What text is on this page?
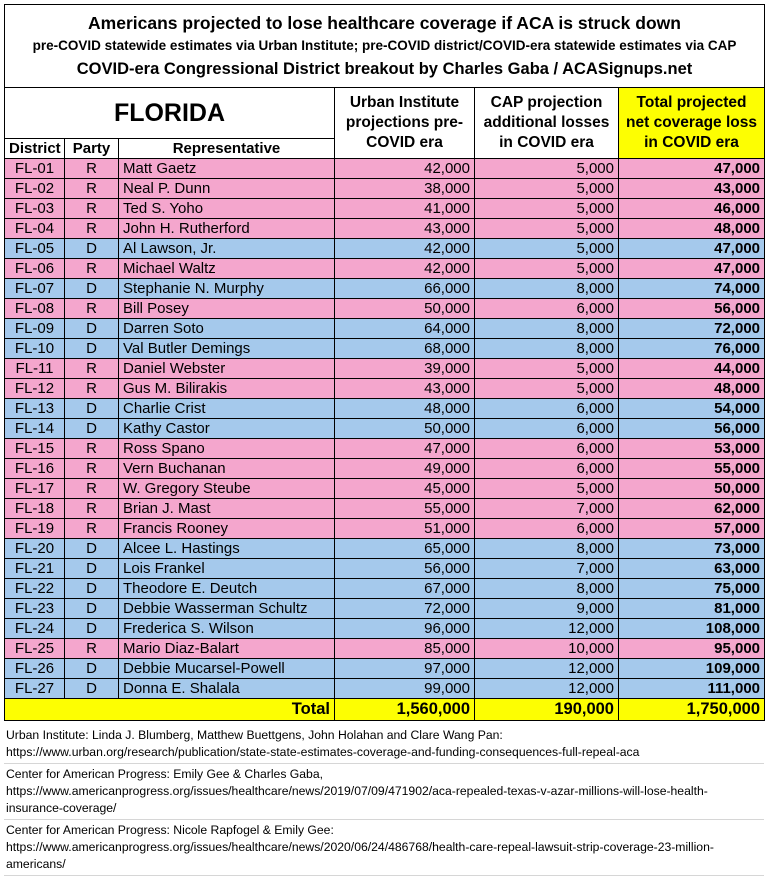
Americans projected to lose healthcare coverage if ACA is struck down
pre-COVID statewide estimates via Urban Institute; pre-COVID district/COVID-era statewide estimates via CAP
COVID-era Congressional District breakout by Charles Gaba / ACASignups.net					

FLORIDA			Urban Institute projections pre-COVID era	CAP projection additional losses in COVID era	Total projected net coverage loss in COVID era
District	Party	Representative			
FL-01	R	Matt Gaetz	42,000	5,000	47,000
FL-02	R	Neal P. Dunn	38,000	5,000	43,000
FL-03	R	Ted S. Yoho	41,000	5,000	46,000
FL-04	R	John H. Rutherford	43,000	5,000	48,000
FL-05	D	Al Lawson, Jr.	42,000	5,000	47,000
FL-06	R	Michael Waltz	42,000	5,000	47,000
FL-07	D	Stephanie N. Murphy	66,000	8,000	74,000
FL-08	R	Bill Posey	50,000	6,000	56,000
FL-09	D	Darren Soto	64,000	8,000	72,000
FL-10	D	Val Butler Demings	68,000	8,000	76,000
FL-11	R	Daniel Webster	39,000	5,000	44,000
FL-12	R	Gus M. Bilirakis	43,000	5,000	48,000
FL-13	D	Charlie Crist	48,000	6,000	54,000
FL-14	D	Kathy Castor	50,000	6,000	56,000
FL-15	R	Ross Spano	47,000	6,000	53,000
FL-16	R	Vern Buchanan	49,000	6,000	55,000
FL-17	R	W. Gregory Steube	45,000	5,000	50,000
FL-18	R	Brian J. Mast	55,000	7,000	62,000
FL-19	R	Francis Rooney	51,000	6,000	57,000
FL-20	D	Alcee L. Hastings	65,000	8,000	73,000
FL-21	D	Lois Frankel	56,000	7,000	63,000
FL-22	D	Theodore E. Deutch	67,000	8,000	75,000
FL-23	D	Debbie Wasserman Schultz	72,000	9,000	81,000
FL-24	D	Frederica S. Wilson	96,000	12,000	108,000
FL-25	R	Mario Diaz-Balart	85,000	10,000	95,000
FL-26	D	Debbie Mucarsel-Powell	97,000	12,000	109,000
FL-27	D	Donna E. Shalala	99,000	12,000	111,000
		Total	1,560,000	190,000	1,750,000
Urban Institute: Linda J. Blumberg, Matthew Buettgens, John Holahan and Clare Wang Pan:
https://www.urban.org/research/publication/state-state-estimates-coverage-and-funding-consequences-full-repeal-aca
Center for American Progress: Emily Gee & Charles Gaba,
https://www.americanprogress.org/issues/healthcare/news/2019/07/09/471902/aca-repealed-texas-v-azar-millions-will-lose-health-
insurance-coverage/
Center for American Progress: Nicole Rapfogel & Emily Gee:
https://www.americanprogress.org/issues/healthcare/news/2020/06/24/486768/health-care-repeal-lawsuit-strip-coverage-23-million-
americans/
